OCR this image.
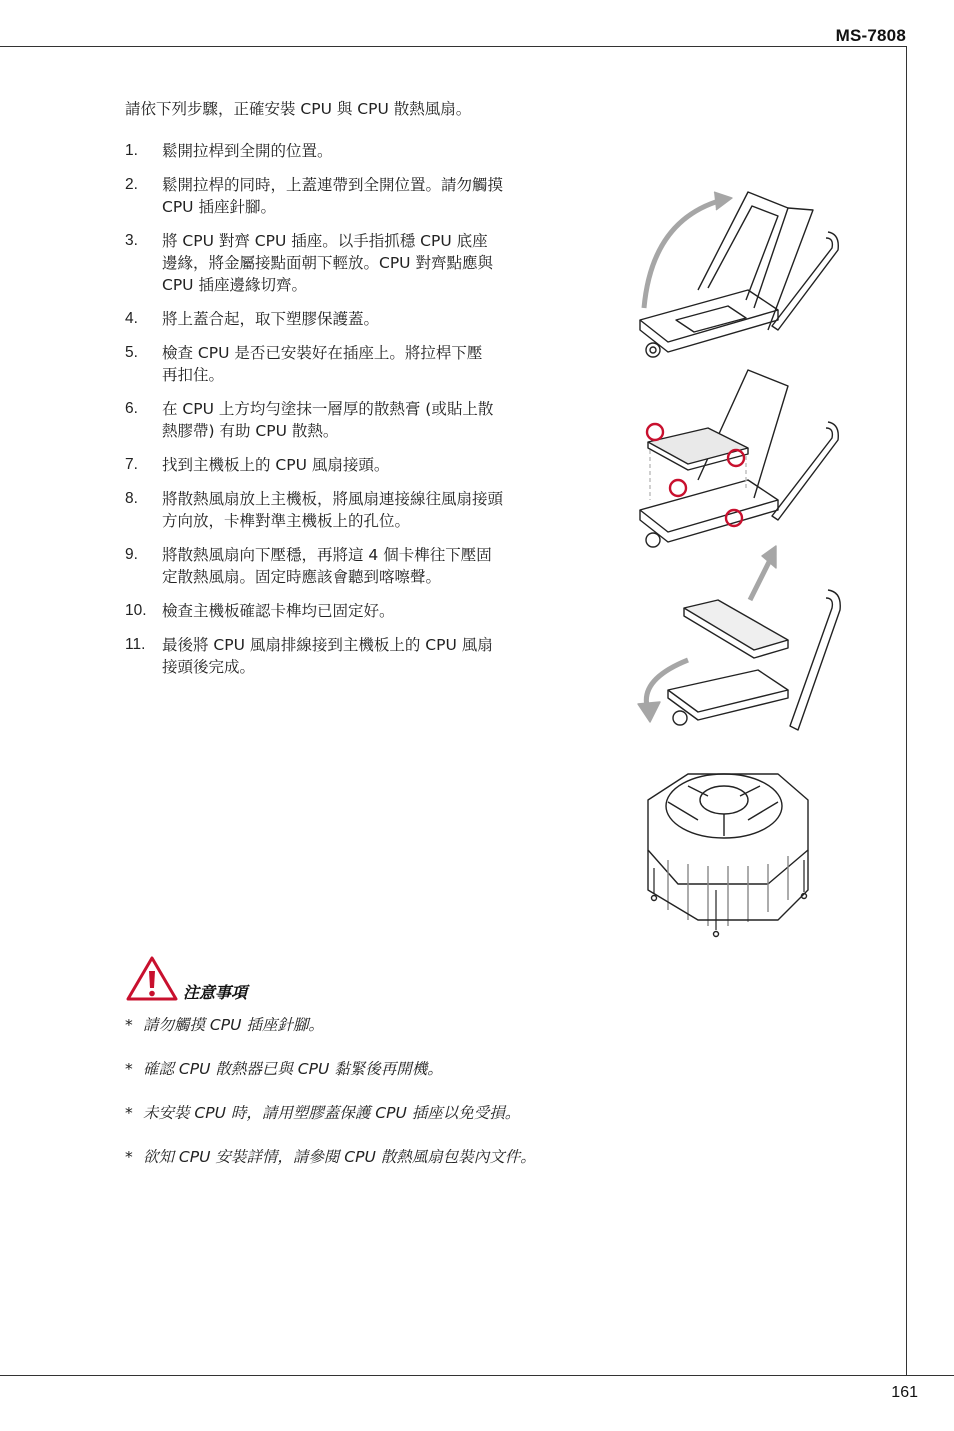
MS-7808

請依下列步驟，正確安裝 CPU 與 CPU 散熱風扇。

1. 鬆開拉桿到全開的位置。
2. 鬆開拉桿的同時，上蓋連帶到全開位置。請勿觸摸
CPU 插座針腳。
3. 將 CPU 對齊 CPU 插座。以手指抓穩 CPU 底座
邊緣，將金屬接點面朝下輕放。CPU 對齊點應與
CPU 插座邊緣切齊。
4. 將上蓋合起，取下塑膠保護蓋。
5. 檢查 CPU 是否已安裝好在插座上。將拉桿下壓
再扣住。
6. 在 CPU 上方均勻塗抹一層厚的散熱膏 (或貼上散
熱膠帶) 有助 CPU 散熱。
7. 找到主機板上的 CPU 風扇接頭。
8. 將散熱風扇放上主機板，將風扇連接線往風扇接頭
方向放，卡榫對準主機板上的孔位。
9. 將散熱風扇向下壓穩，再將這 4 個卡榫往下壓固
定散熱風扇。固定時應該會聽到喀嚓聲。
10. 檢查主機板確認卡榫均已固定好。
11. 最後將 CPU 風扇排線接到主機板上的 CPU 風扇
接頭後完成。
注意事項
* 請勿觸摸 CPU 插座針腳。
* 確認 CPU 散熱器已與 CPU 黏緊後再開機。
* 未安裝 CPU 時，請用塑膠蓋保護 CPU 插座以免受損。
* 欲知 CPU 安裝詳情，請參閱 CPU 散熱風扇包裝內文件。
161
